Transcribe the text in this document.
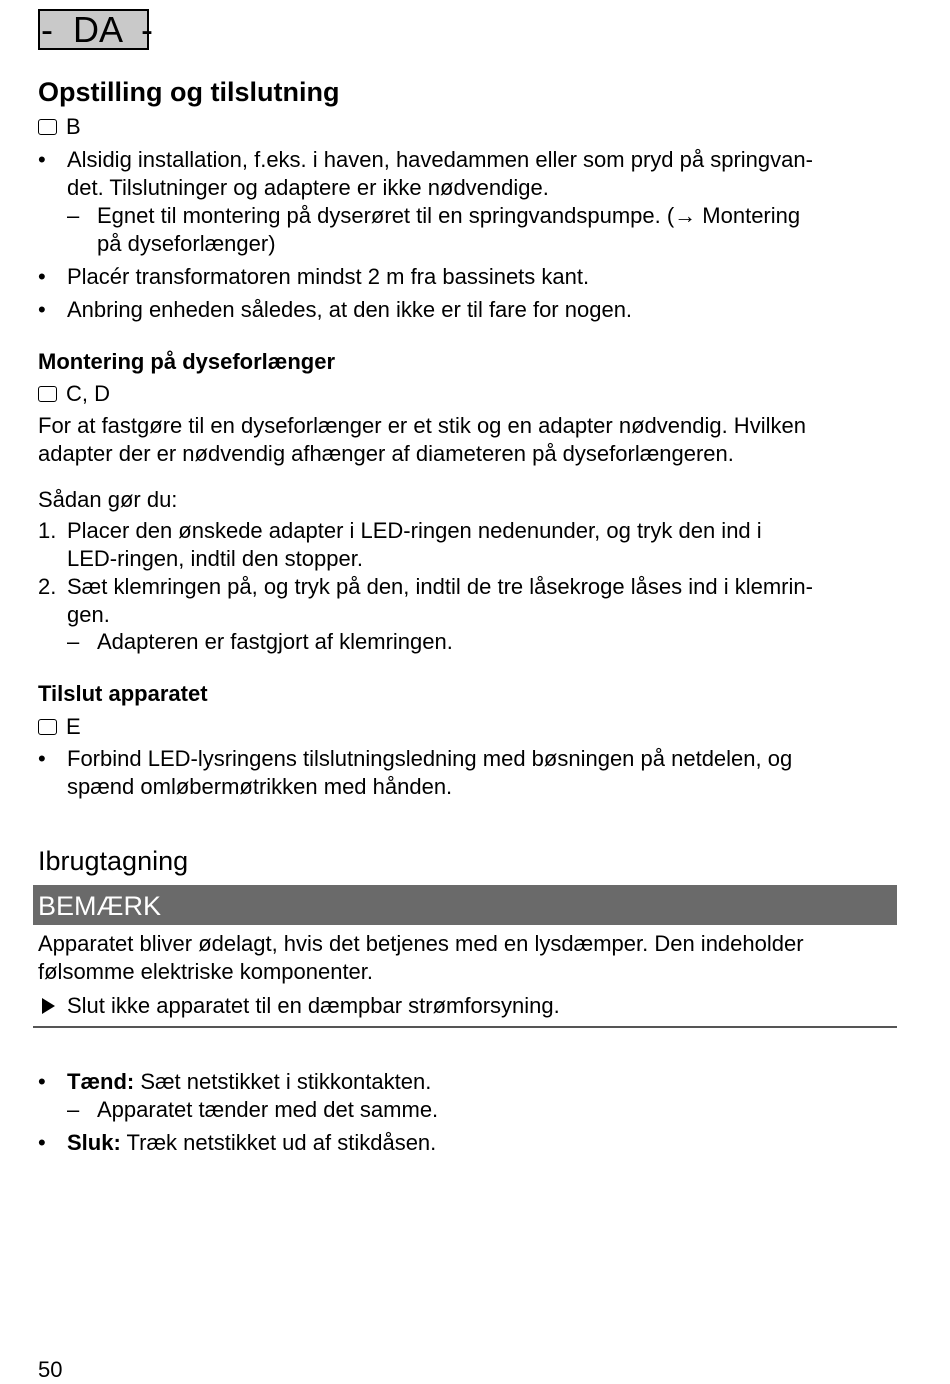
-  DA  -
Opstilling og tilslutning
B
• Alsidig installation, f.eks. i haven, havedammen eller som pryd på springvan-
det. Tilslutninger og adaptere er ikke nødvendige.
– Egnet til montering på dyserøret til en springvandspumpe. (→ Montering
på dyseforlænger)
• Placér transformatoren mindst 2 m fra bassinets kant.
• Anbring enheden således, at den ikke er til fare for nogen.
Montering på dyseforlænger
C, D
For at fastgøre til en dyseforlænger er et stik og en adapter nødvendig. Hvilken
adapter der er nødvendig afhænger af diameteren på dyseforlængeren.
Sådan gør du:
1. Placer den ønskede adapter i LED-ringen nedenunder, og tryk den ind i
LED-ringen, indtil den stopper.
2. Sæt klemringen på, og tryk på den, indtil de tre låsekroge låses ind i klemrin-
gen.
– Adapteren er fastgjort af klemringen.
Tilslut apparatet
E
• Forbind LED-lysringens tilslutningsledning med bøsningen på netdelen, og
spænd omløbermøtrikken med hånden.
Ibrugtagning
BEMÆRK
Apparatet bliver ødelagt, hvis det betjenes med en lysdæmper. Den indeholder
følsomme elektriske komponenter.
Slut ikke apparatet til en dæmpbar strømforsyning.
• Tænd: Sæt netstikket i stikkontakten.
– Apparatet tænder med det samme.
• Sluk: Træk netstikket ud af stikdåsen.
50
